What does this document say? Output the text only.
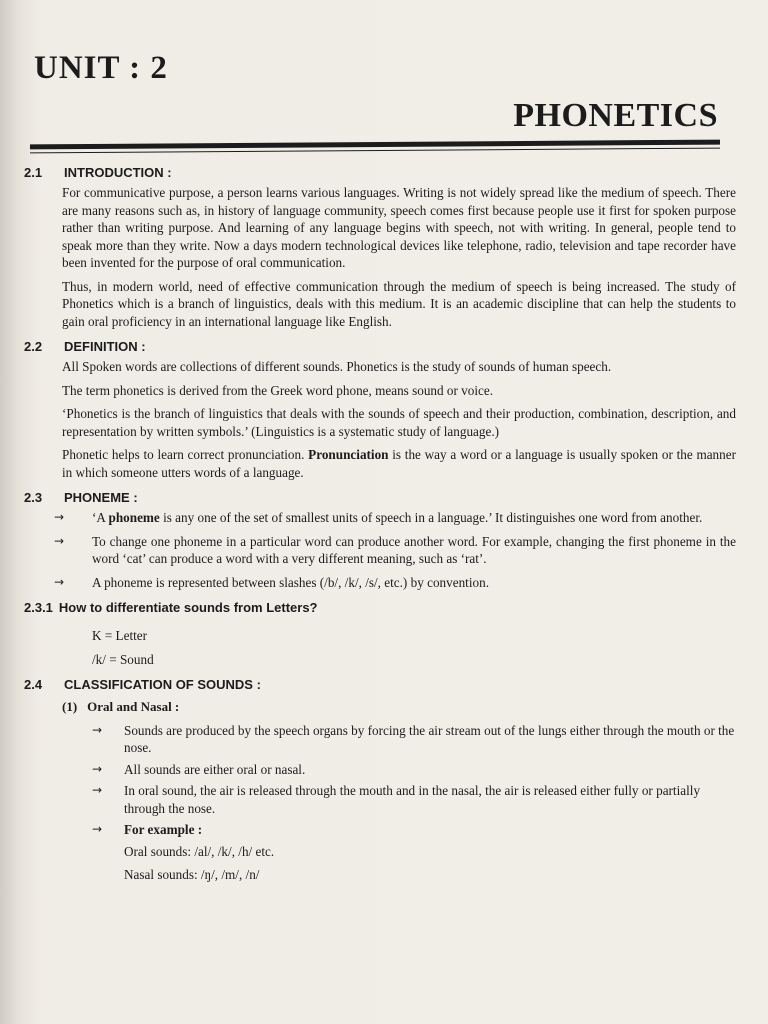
UNIT : 2
PHONETICS
2.1	INTRODUCTION :

For communicative purpose, a person learns various languages. Writing is not widely spread like the medium of speech. There are many reasons such as, in history of language community, speech comes first because people use it first for spoken purpose rather than writing purpose. And learning of any language begins with speech, not with writing. In general, people tend to speak more than they write. Now a days modern technological devices like telephone, radio, television and tape recorder have been invented for the purpose of oral communication.

Thus, in modern world, need of effective communication through the medium of speech is being increased. The study of Phonetics which is a branch of linguistics, deals with this medium. It is an academic discipline that can help the students to gain oral proficiency in an international language like English.

2.2	DEFINITION :

All Spoken words are collections of different sounds. Phonetics is the study of sounds of human speech.

The term phonetics is derived from the Greek word phone, means sound or voice.

‘Phonetics is the branch of linguistics that deals with the sounds of speech and their production, combination, description, and representation by written symbols.’ (Linguistics is a systematic study of language.)

Phonetic helps to learn correct pronunciation. Pronunciation is the way a word or a language is usually spoken or the manner in which someone utters words of a language.

2.3	PHONEME :
→	‘A phoneme is any one of the set of smallest units of speech in a language.’ It distinguishes one word from another.
→	To change one phoneme in a particular word can produce another word. For example, changing the first phoneme in the word ‘cat’ can produce a word with a very different meaning, such as ‘rat’.
→	A phoneme is represented between slashes (/b/, /k/, /s/, etc.) by convention.
2.3.1 How to differentiate sounds from Letters?

K = Letter

/k/ = Sound

2.4	CLASSIFICATION OF SOUNDS :
(1) Oral and Nasal :
→	Sounds are produced by the speech organs by forcing the air stream out of the lungs either through the mouth or the nose.
→	All sounds are either oral or nasal.
→	In oral sound, the air is released through the mouth and in the nasal, the air is released either fully or partially through the nose.
→	For example :

Oral sounds: /al/, /k/, /h/ etc.

Nasal sounds: /ŋ/, /m/, /n/
